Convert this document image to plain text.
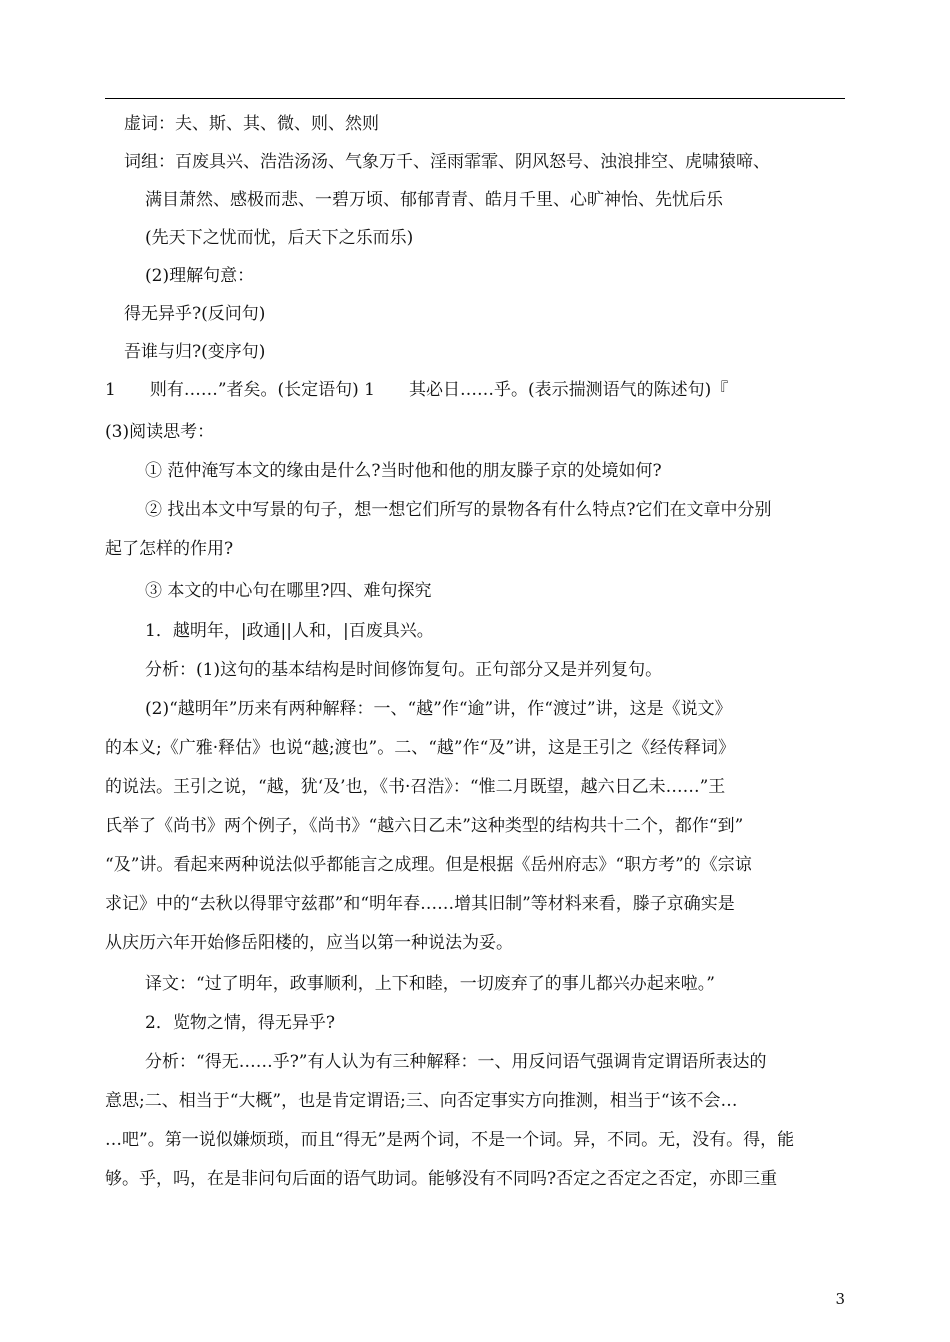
虚词：夫、斯、其、微、则、然则
词组：百废具兴、浩浩汤汤、气象万千、淫雨霏霏、阴风怒号、浊浪排空、虎啸猿啼、
满目萧然、感极而悲、一碧万顷、郁郁青青、皓月千里、心旷神怡、先忧后乐
(先天下之忧而忧，后天下之乐而乐)
(2)理解句意：
得无异乎?(反问句)
吾谁与归?(变序句)
1　　则有……”者矣。(长定语句) 1　　其必日……乎。(表示揣测语气的陈述句)『
(3)阅读思考：
① 范仲淹写本文的缘由是什么?当时他和他的朋友滕子京的处境如何?
② 找出本文中写景的句子，想一想它们所写的景物各有什么特点?它们在文章中分别
起了怎样的作用?
③ 本文的中心句在哪里?四、难句探究
1．越明年，|政通||人和，|百废具兴。
分析：(1)这句的基本结构是时间修饰复句。正句部分又是并列复句。
(2)“越明年”历来有两种解释：一、“越”作“逾”讲，作“渡过”讲，这是《说文》
的本义;《广雅·释估》也说“越;渡也”。二、“越”作“及”讲，这是王引之《经传释词》
的说法。王引之说，“越，犹‘及’也，《书·召浩》：“惟二月既望，越六日乙未……”王
氏举了《尚书》两个例子，《尚书》“越六日乙未”这种类型的结构共十二个，都作“到”
“及”讲。看起来两种说法似乎都能言之成理。但是根据《岳州府志》“职方考”的《宗谅
求记》中的“去秋以得罪守兹郡”和“明年春……增其旧制”等材料来看，滕子京确实是
从庆历六年开始修岳阳楼的，应当以第一种说法为妥。
译文：“过了明年，政事顺利，上下和睦，一切废弃了的事儿都兴办起来啦。”
2．览物之情，得无异乎?
分析：“得无……乎?”有人认为有三种解释：一、用反问语气强调肯定谓语所表达的
意思;二、相当于“大概”，也是肯定谓语;三、向否定事实方向推测，相当于“该不会…
…吧”。第一说似嫌烦琐，而且“得无”是两个词，不是一个词。异，不同。无，没有。得，能
够。乎，吗，在是非问句后面的语气助词。能够没有不同吗?否定之否定之否定，亦即三重
3
